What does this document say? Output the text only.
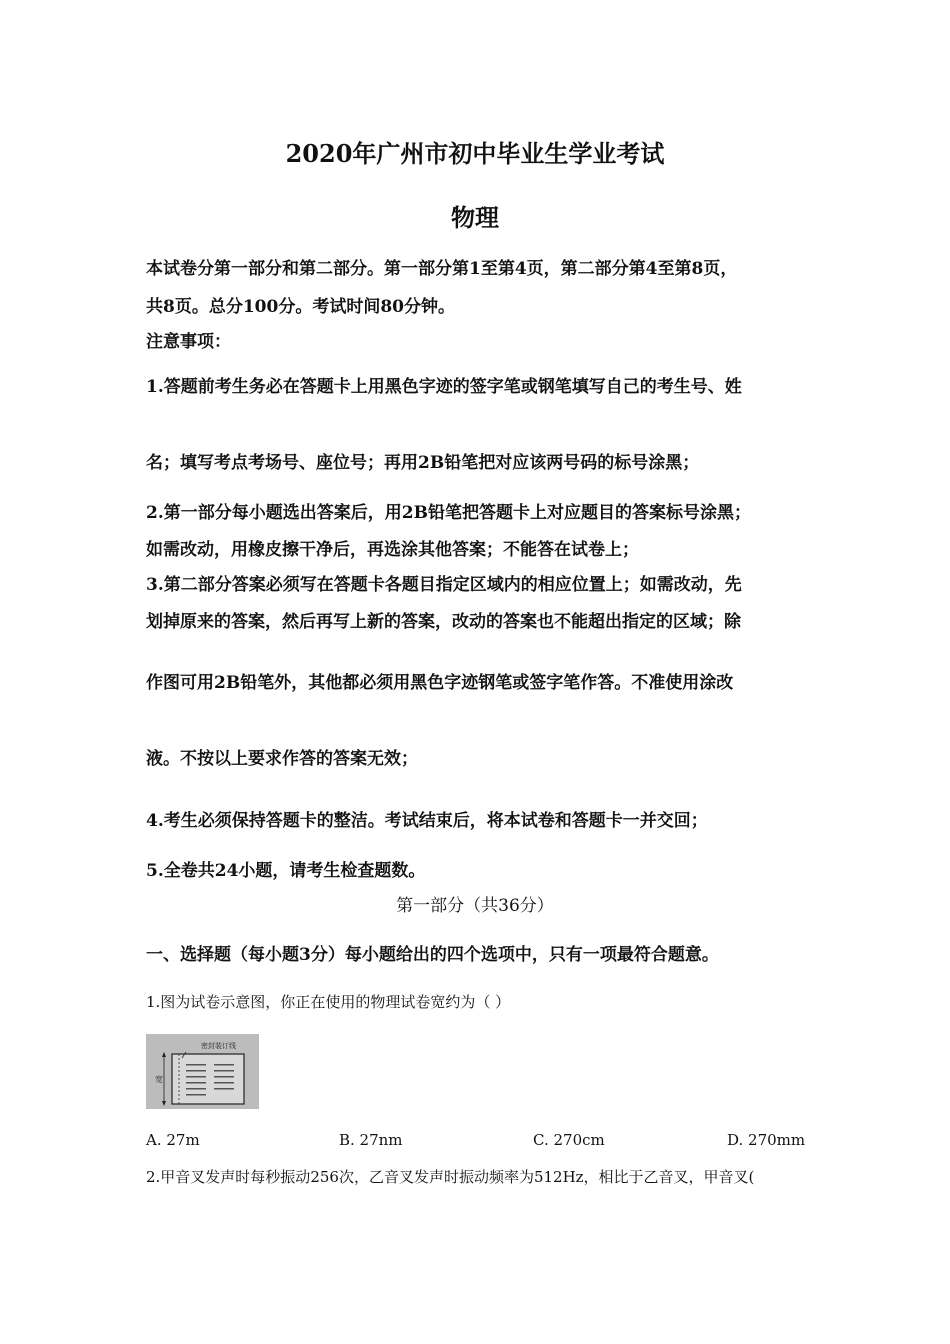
2020年广州市初中毕业生学业考试
物理
本试卷分第一部分和第二部分。第一部分第1至第4页，第二部分第4至第8页，
共8页。总分100分。考试时间80分钟。
注意事项：
1.答题前考生务必在答题卡上用黑色字迹的签字笔或钢笔填写自己的考生号、姓
名；填写考点考场号、座位号；再用2B铅笔把对应该两号码的标号涂黑；
2.第一部分每小题选出答案后，用2B铅笔把答题卡上对应题目的答案标号涂黑；
如需改动，用橡皮擦干净后，再选涂其他答案；不能答在试卷上；
3.第二部分答案必须写在答题卡各题目指定区域内的相应位置上；如需改动，先
划掉原来的答案，然后再写上新的答案，改动的答案也不能超出指定的区域；除
作图可用2B铅笔外，其他都必须用黑色字迹钢笔或签字笔作答。不准使用涂改
液。不按以上要求作答的答案无效；
4.考生必须保持答题卡的整洁。考试结束后，将本试卷和答题卡一并交回；
5.全卷共24小题，请考生检查题数。
第一部分（共36分）
一、选择题（每小题3分）每小题给出的四个选项中，只有一项最符合题意。
1.图为试卷示意图，你正在使用的物理试卷宽约为（ ）
密封装订线
宽
A. 27m	B. 27nm	C. 270cm	D. 270mm
2.甲音叉发声时每秒振动256次，乙音叉发声时振动频率为512Hz，相比于乙音叉，甲音叉(
